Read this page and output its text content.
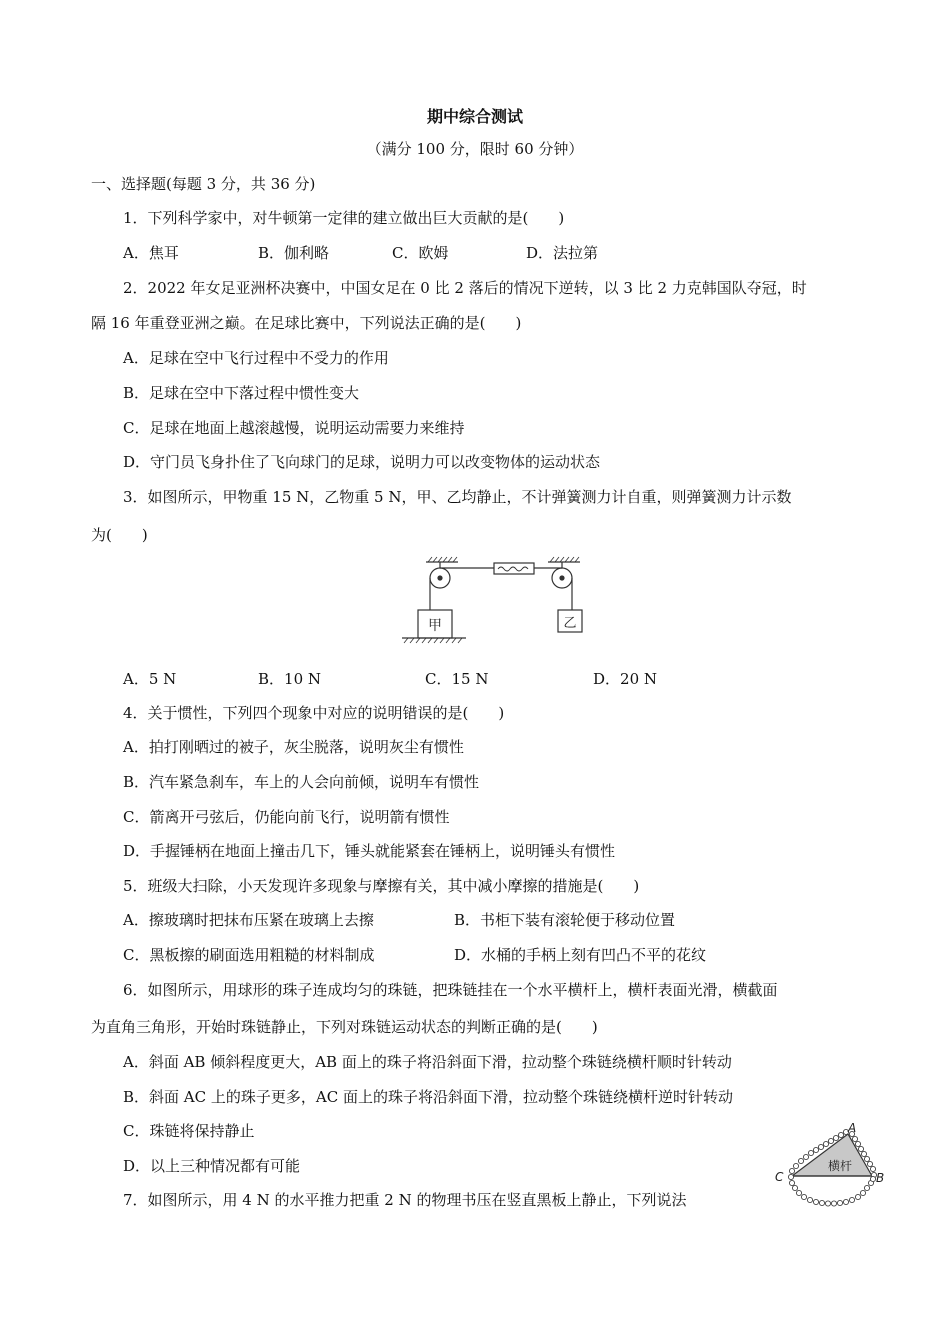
期中综合测试
（满分 100 分，限时 60 分钟）
一、选择题(每题 3 分，共 36 分)
1．下列科学家中，对牛顿第一定律的建立做出巨大贡献的是(　　)
A．焦耳	B．伽利略	C．欧姆	D．法拉第
2．2022 年女足亚洲杯决赛中，中国女足在 0 比 2 落后的情况下逆转，以 3 比 2 力克韩国队夺冠，时
隔 16 年重登亚洲之巅。在足球比赛中，下列说法正确的是(　　)
A．足球在空中飞行过程中不受力的作用
B．足球在空中下落过程中惯性变大
C．足球在地面上越滚越慢，说明运动需要力来维持
D．守门员飞身扑住了飞向球门的足球，说明力可以改变物体的运动状态
3．如图所示，甲物重 15 N，乙物重 5 N，甲、乙均静止，不计弹簧测力计自重，则弹簧测力计示数
为(　　)
甲	乙
A．5 N	B．10 N	C．15 N	D．20 N
4．关于惯性，下列四个现象中对应的说明错误的是(　　)
A．拍打刚晒过的被子，灰尘脱落，说明灰尘有惯性
B．汽车紧急刹车，车上的人会向前倾，说明车有惯性
C．箭离开弓弦后，仍能向前飞行，说明箭有惯性
D．手握锤柄在地面上撞击几下，锤头就能紧套在锤柄上，说明锤头有惯性
5．班级大扫除，小天发现许多现象与摩擦有关，其中减小摩擦的措施是(　　)
A．擦玻璃时把抹布压紧在玻璃上去擦	B．书柜下装有滚轮便于移动位置
C．黑板擦的刷面选用粗糙的材料制成	D．水桶的手柄上刻有凹凸不平的花纹
6．如图所示，用球形的珠子连成均匀的珠链，把珠链挂在一个水平横杆上，横杆表面光滑，横截面
为直角三角形，开始时珠链静止，下列对珠链运动状态的判断正确的是(　　)
A．斜面 AB 倾斜程度更大，AB 面上的珠子将沿斜面下滑，拉动整个珠链绕横杆顺时针转动
B．斜面 AC 上的珠子更多，AC 面上的珠子将沿斜面下滑，拉动整个珠链绕横杆逆时针转动
C．珠链将保持静止
D．以上三种情况都有可能
A
B
C
横杆
7．如图所示，用 4 N 的水平推力把重 2 N 的物理书压在竖直黑板上静止，下列说法
